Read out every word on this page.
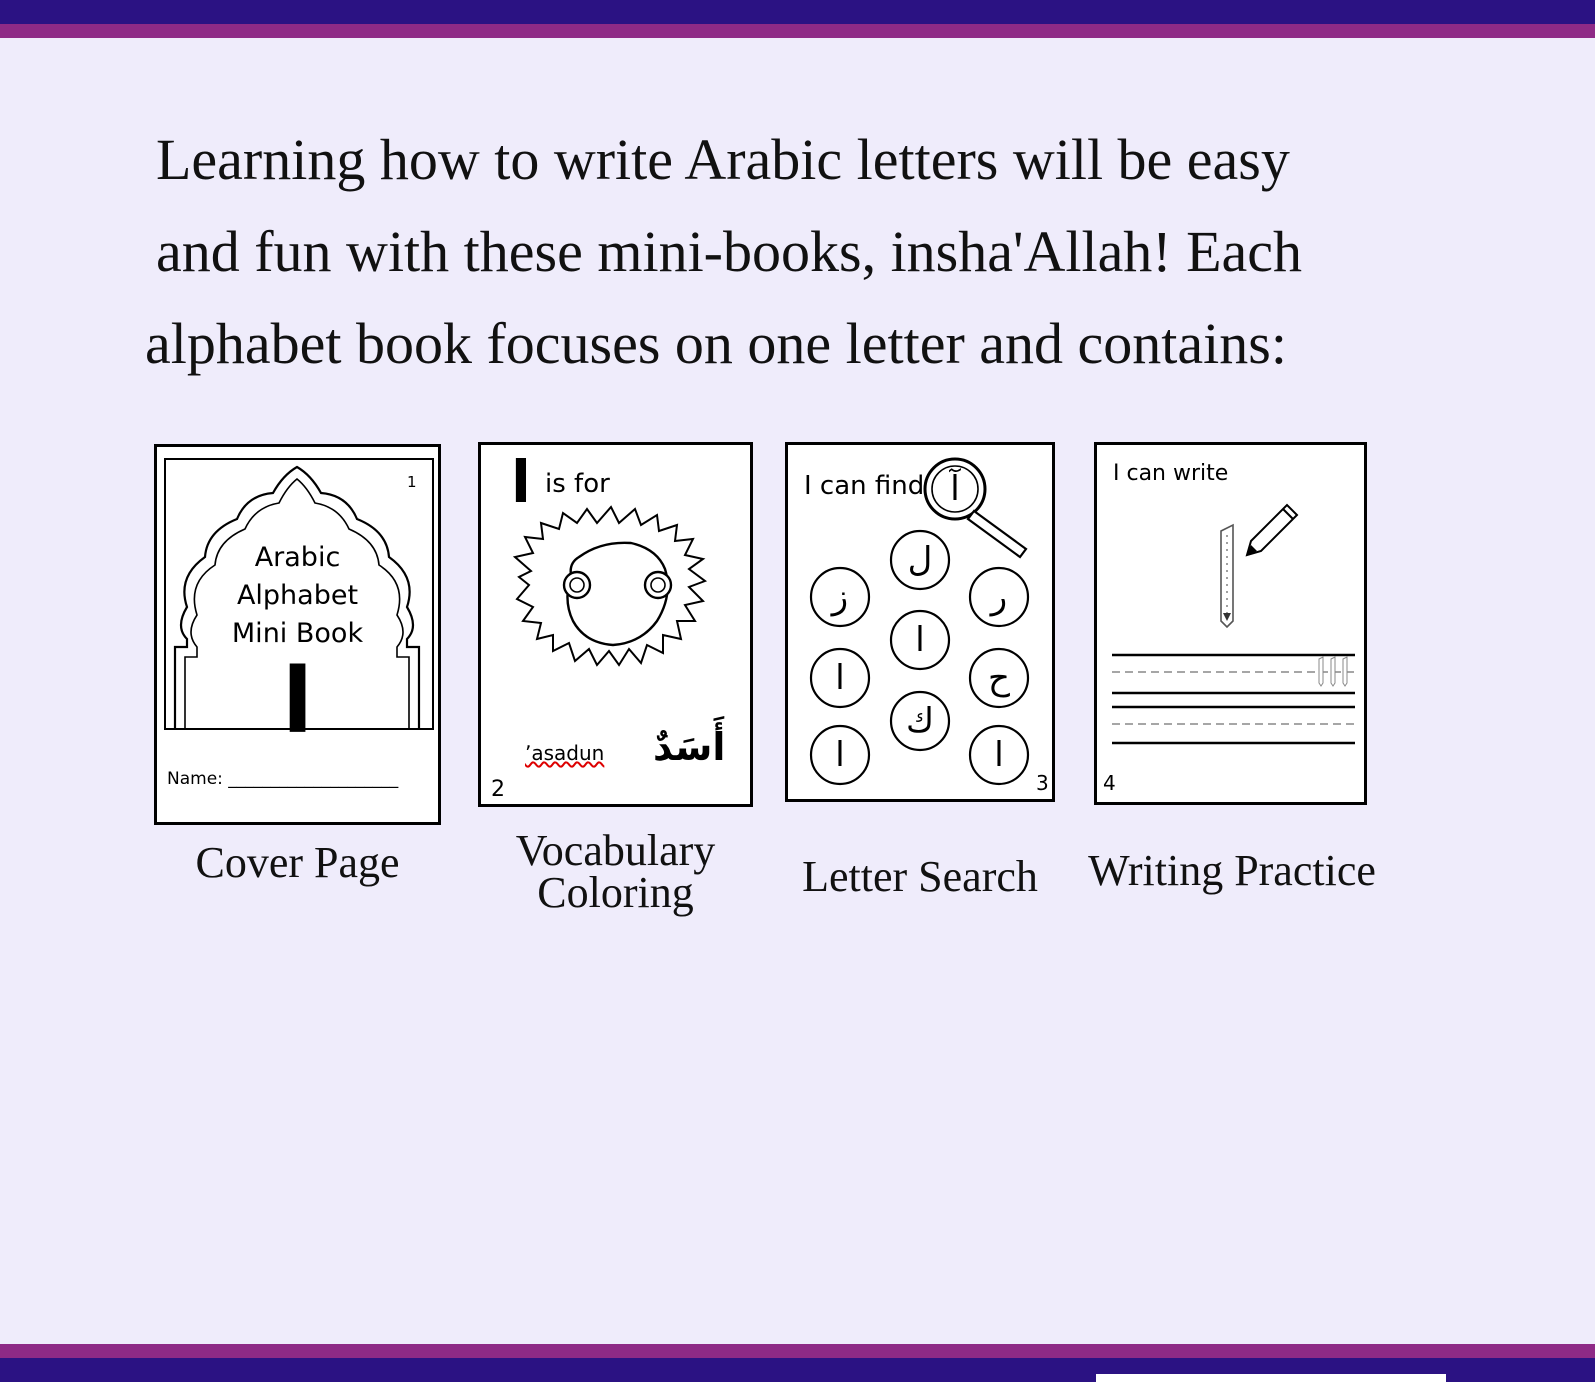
Learning how to write Arabic letters will be easy
and fun with these mini-books, insha'Allah! Each
alphabet book focuses on one letter and contains:
1
Arabic
Alphabet
Mini Book
ا
Name: ____________________
Cover Page
ا is for
ʼasadun أَسَدٌ
2
Vocabulary
Coloring
I can find آ
ل
ز	ر
ا
ا	ح
ك
ا	ا
3
Letter Search
I can write
4
Writing Practice
